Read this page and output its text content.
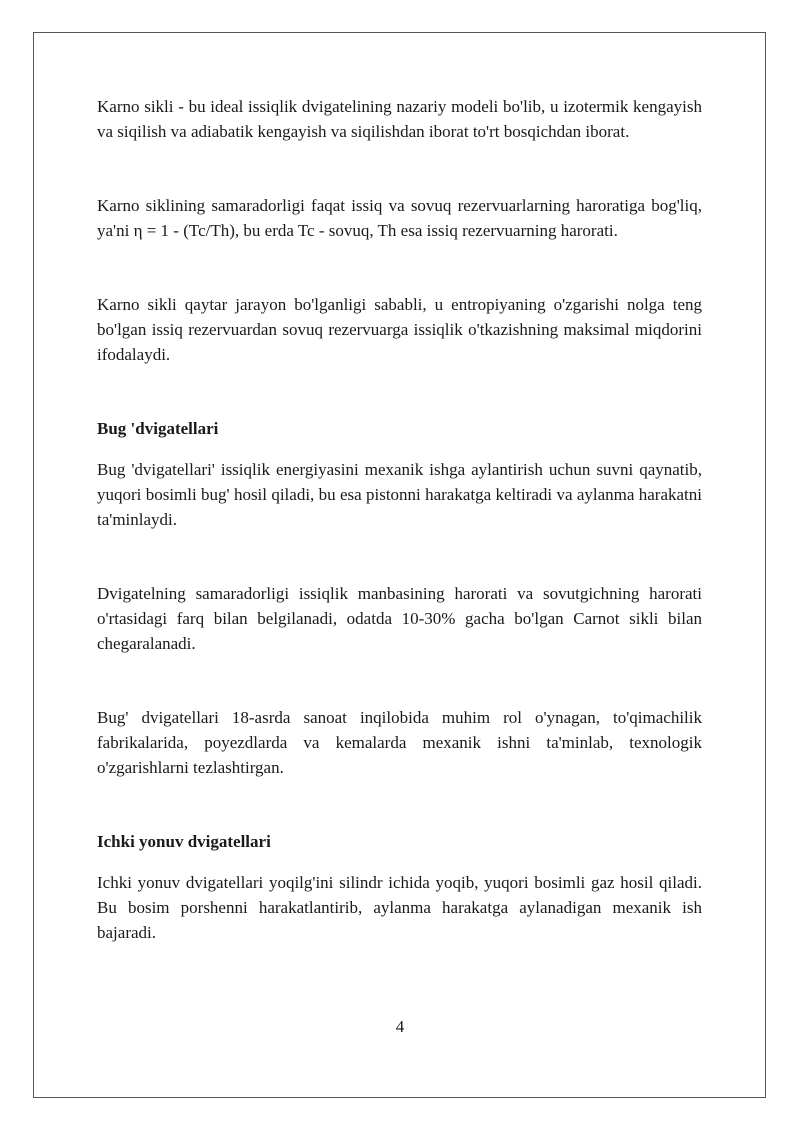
Karno sikli - bu ideal issiqlik dvigatelining nazariy modeli bo'lib, u izotermik kengayish va siqilish va adiabatik kengayish va siqilishdan iborat to'rt bosqichdan iborat.

Karno siklining samaradorligi faqat issiq va sovuq rezervuarlarning haroratiga bog'liq, ya'ni η = 1 - (Tc/Th), bu erda Tc - sovuq, Th esa issiq rezervuarning harorati.

Karno sikli qaytar jarayon bo'lganligi sababli, u entropiyaning o'zgarishi nolga teng bo'lgan issiq rezervuardan sovuq rezervuarga issiqlik o'tkazishning maksimal miqdorini ifodalaydi.

Bug 'dvigatellari

Bug 'dvigatellari' issiqlik energiyasini mexanik ishga aylantirish uchun suvni qaynatib, yuqori bosimli bug' hosil qiladi, bu esa pistonni harakatga keltiradi va aylanma harakatni ta'minlaydi.

Dvigatelning samaradorligi issiqlik manbasining harorati va sovutgichning harorati o'rtasidagi farq bilan belgilanadi, odatda 10-30% gacha bo'lgan Carnot sikli bilan chegaralanadi.

Bug' dvigatellari 18-asrda sanoat inqilobida muhim rol o'ynagan, to'qimachilik fabrikalarida, poyezdlarda va kemalarda mexanik ishni ta'minlab, texnologik o'zgarishlarni tezlashtirgan.

Ichki yonuv dvigatellari

Ichki yonuv dvigatellari yoqilg'ini silindr ichida yoqib, yuqori bosimli gaz hosil qiladi. Bu bosim porshenni harakatlantirib, aylanma harakatga aylanadigan mexanik ish bajaradi.

4
